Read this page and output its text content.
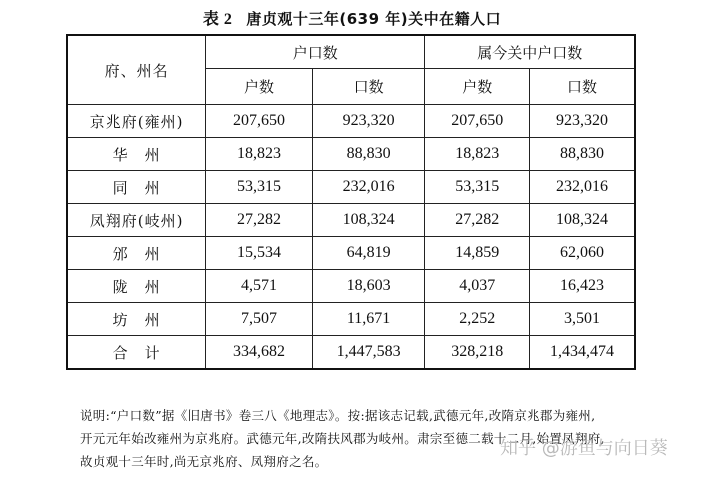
表 2 唐贞观十三年(639 年)关中在籍人口
府、州名	户口数		属今关中户口数	
	户数	口数	户数	口数
京兆府(雍州)	207,650	923,320	207,650	923,320
华　州	18,823	88,830	18,823	88,830
同　州	53,315	232,016	53,315	232,016
凤翔府(岐州)	27,282	108,324	27,282	108,324
邠　州	15,534	64,819	14,859	62,060
陇　州	4,571	18,603	4,037	16,423
坊　州	7,507	11,671	2,252	3,501
合　计	334,682	1,447,583	328,218	1,434,474
说明:“户口数”据《旧唐书》卷三八《地理志》。按:据该志记载,武德元年,改隋京兆郡为雍州,
开元元年始改雍州为京兆府。武德元年,改隋扶风郡为岐州。肃宗至德二载十二月,始置凤翔府,
故贞观十三年时,尚无京兆府、凤翔府之名。
知乎 @游鱼与向日葵
